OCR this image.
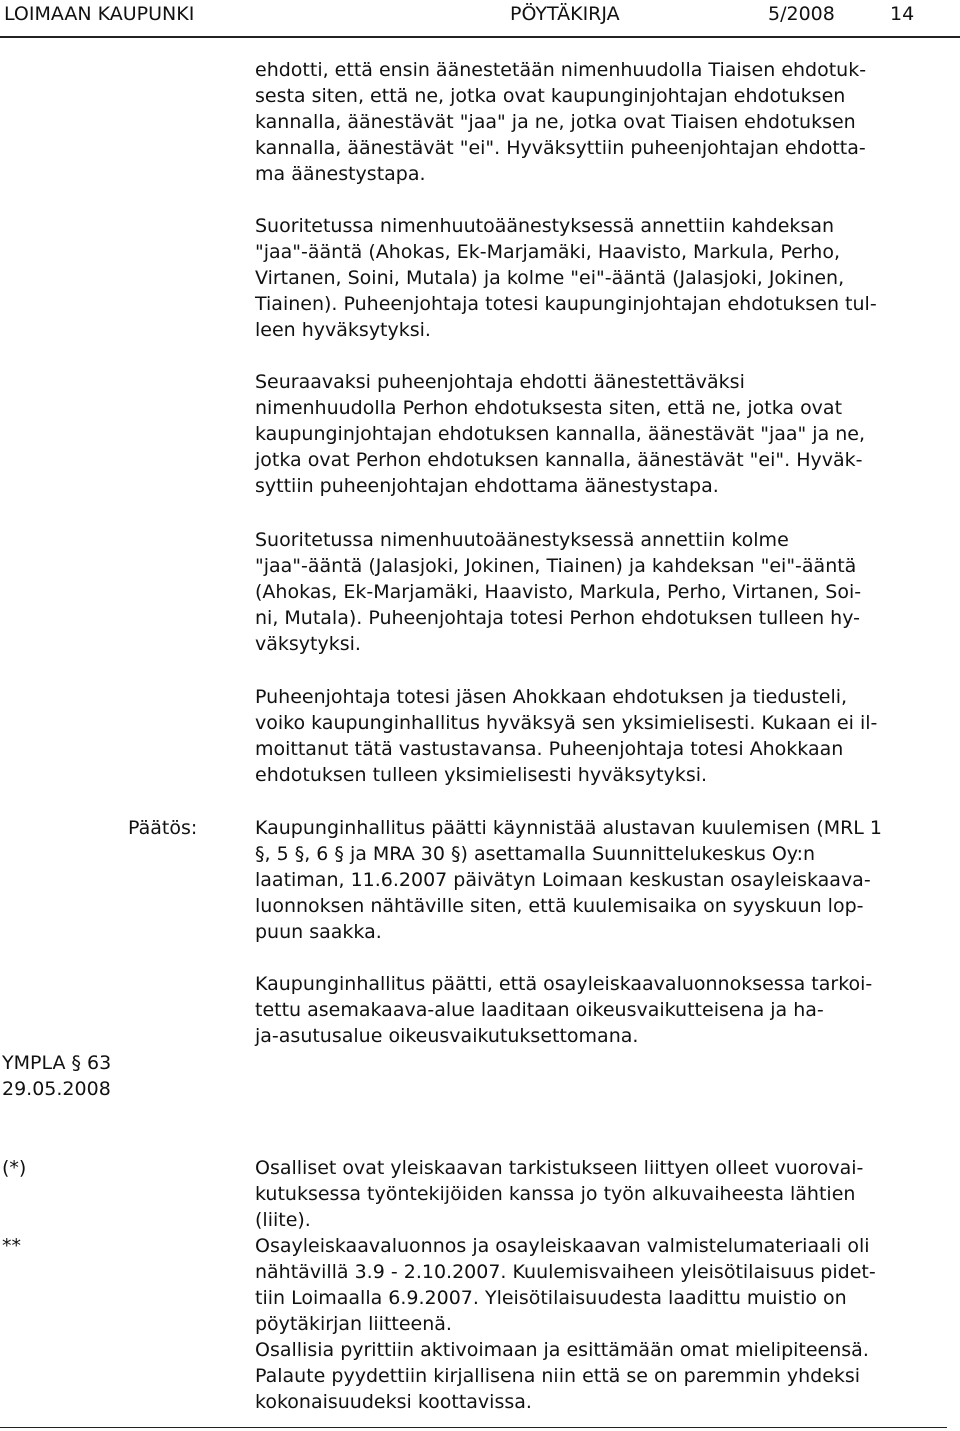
LOIMAAN KAUPUNKI	PÖYTÄKIRJA	5/2008	14

ehdotti, että ensin äänestetään nimenhuudolla Tiaisen ehdotuk-
sesta siten, että ne, jotka ovat kaupunginjohtajan ehdotuksen
kannalla, äänestävät "jaa" ja ne, jotka ovat Tiaisen ehdotuksen
kannalla, äänestävät "ei". Hyväksyttiin puheenjohtajan ehdotta-
ma äänestystapa.

Suoritetussa nimenhuutoäänestyksessä annettiin kahdeksan
"jaa"-ääntä (Ahokas, Ek-Marjamäki, Haavisto, Markula, Perho,
Virtanen, Soini, Mutala) ja kolme "ei"-ääntä (Jalasjoki, Jokinen,
Tiainen). Puheenjohtaja totesi kaupunginjohtajan ehdotuksen tul-
leen hyväksytyksi.

Seuraavaksi puheenjohtaja ehdotti äänestettäväksi
nimenhuudolla Perhon ehdotuksesta siten, että ne, jotka ovat
kaupunginjohtajan ehdotuksen kannalla, äänestävät "jaa" ja ne,
jotka ovat Perhon ehdotuksen kannalla, äänestävät "ei". Hyväk-
syttiin puheenjohtajan ehdottama äänestystapa.

Suoritetussa nimenhuutoäänestyksessä annettiin kolme
"jaa"-ääntä (Jalasjoki, Jokinen, Tiainen) ja kahdeksan "ei"-ääntä
(Ahokas, Ek-Marjamäki, Haavisto, Markula, Perho, Virtanen, Soi-
ni, Mutala). Puheenjohtaja totesi Perhon ehdotuksen tulleen hy-
väksytyksi.

Puheenjohtaja totesi jäsen Ahokkaan ehdotuksen ja tiedusteli,
voiko kaupunginhallitus hyväksyä sen yksimielisesti. Kukaan ei il-
moittanut tätä vastustavansa. Puheenjohtaja totesi Ahokkaan
ehdotuksen tulleen yksimielisesti hyväksytyksi.

Päätös:	Kaupunginhallitus päätti käynnistää alustavan kuulemisen (MRL 1
§, 5 §, 6 § ja MRA 30 §) asettamalla Suunnittelukeskus Oy:n
laatiman, 11.6.2007 päivätyn Loimaan keskustan osayleiskaava-
luonnoksen nähtäville siten, että kuulemisaika on syyskuun lop-
puun saakka.

Kaupunginhallitus päätti, että osayleiskaavaluonnoksessa tarkoi-
tettu asemakaava-alue laaditaan oikeusvaikutteisena ja ha-
ja-asutusalue oikeusvaikutuksettomana.

YMPLA § 63
29.05.2008
(*)	Osalliset ovat yleiskaavan tarkistukseen liittyen olleet vuorovai-
kutuksessa työntekijöiden kanssa jo työn alkuvaiheesta lähtien
(liite).

**	Osayleiskaavaluonnos ja osayleiskaavan valmistelumateriaali oli
nähtävillä 3.9 - 2.10.2007. Kuulemisvaiheen yleisötilaisuus pidet-
tiin Loimaalla 6.9.2007. Yleisötilaisuudesta laadittu muistio on
pöytäkirjan liitteenä.
Osallisia pyrittiin aktivoimaan ja esittämään omat mielipiteensä.
Palaute pyydettiin kirjallisena niin että se on paremmin yhdeksi
kokonaisuudeksi koottavissa.
